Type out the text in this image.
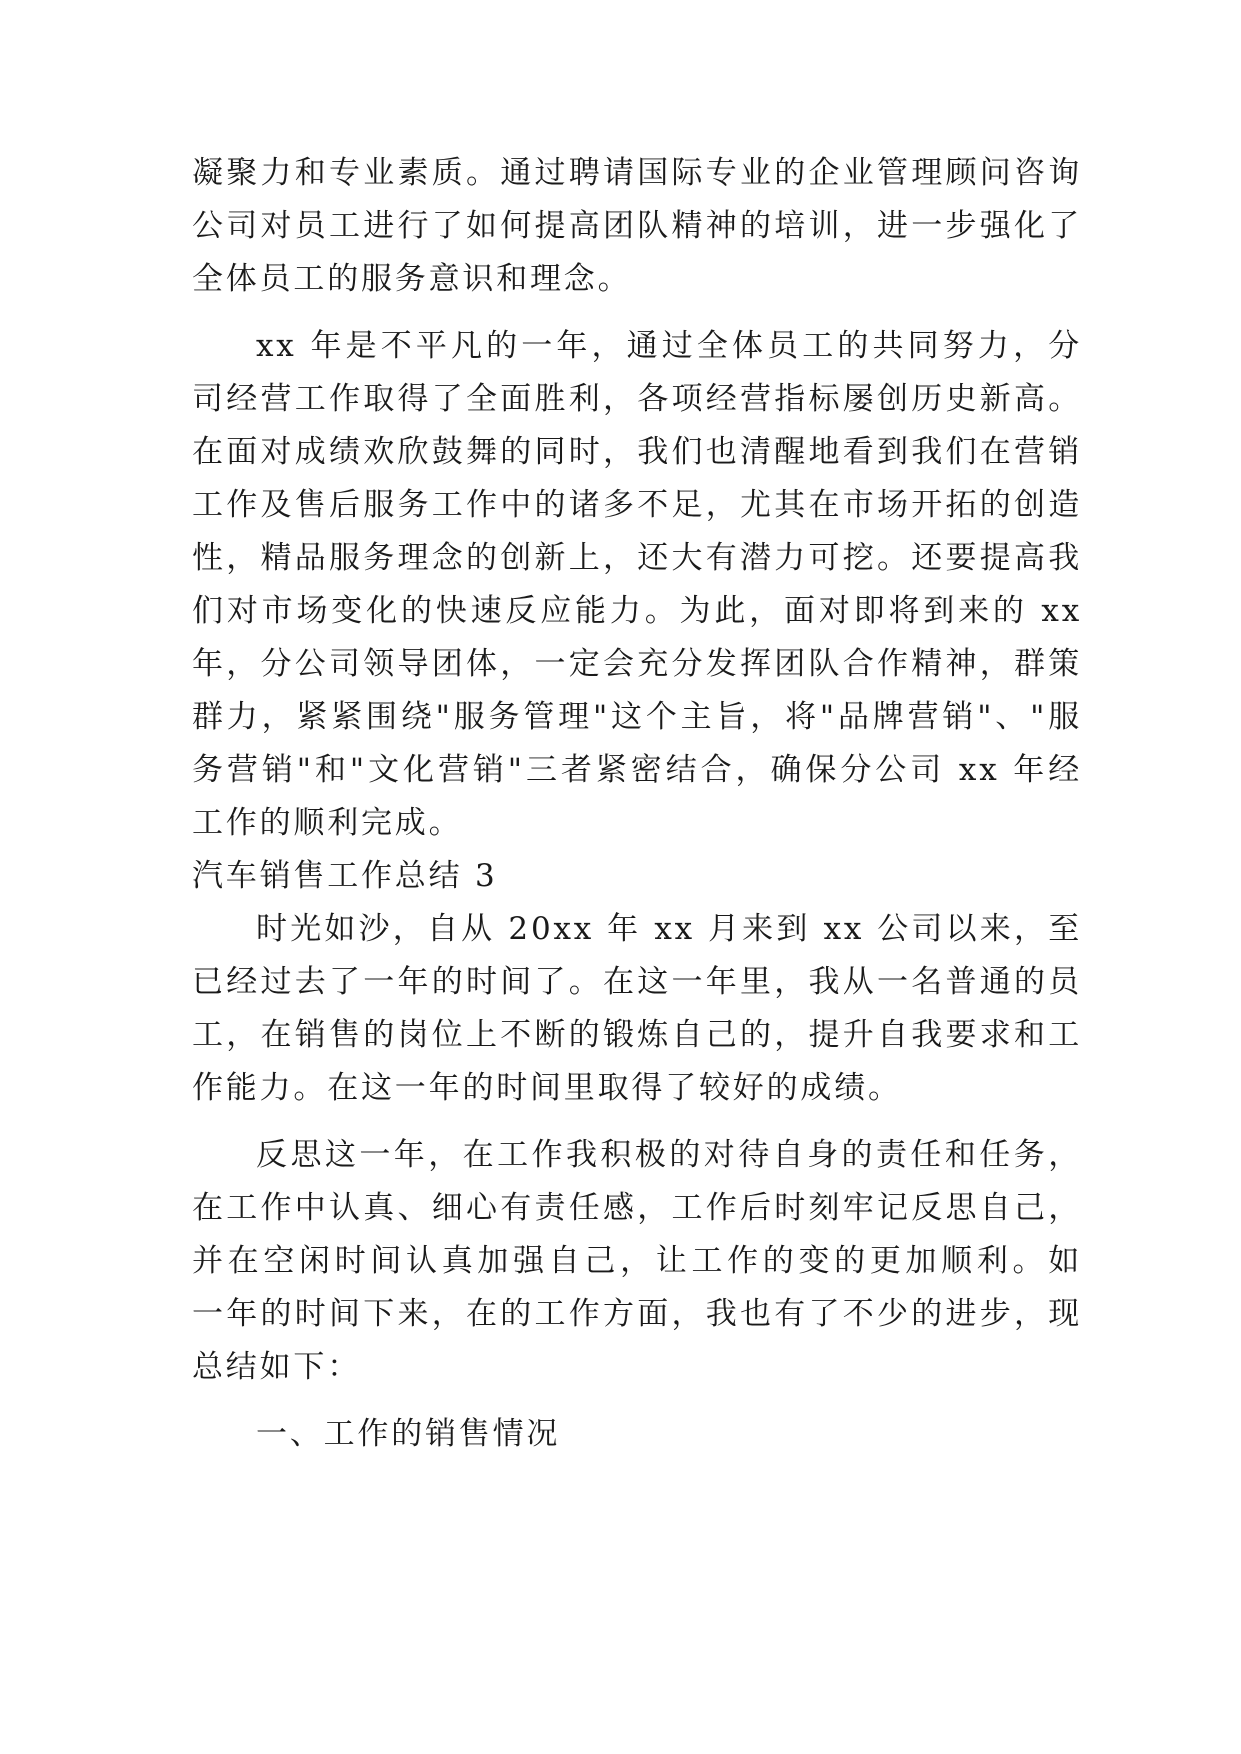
凝聚力和专业素质。通过聘请国际专业的企业管理顾问咨询
公司对员工进行了如何提高团队精神的培训，进一步强化了
全体员工的服务意识和理念。
xx 年是不平凡的一年，通过全体员工的共同努力，分
司经营工作取得了全面胜利，各项经营指标屡创历史新高。
在面对成绩欢欣鼓舞的同时，我们也清醒地看到我们在营销
工作及售后服务工作中的诸多不足，尤其在市场开拓的创造
性，精品服务理念的创新上，还大有潜力可挖。还要提高我
们对市场变化的快速反应能力。为此，面对即将到来的 xx
年，分公司领导团体，一定会充分发挥团队合作精神，群策
群力，紧紧围绕"服务管理"这个主旨，将"品牌营销"、"服
务营销"和"文化营销"三者紧密结合，确保分公司 xx 年经
工作的顺利完成。
汽车销售工作总结 3
时光如沙，自从 20xx 年 xx 月来到 xx 公司以来，至
已经过去了一年的时间了。在这一年里，我从一名普通的员
工，在销售的岗位上不断的锻炼自己的，提升自我要求和工
作能力。在这一年的时间里取得了较好的成绩。
反思这一年，在工作我积极的对待自身的责任和任务，
在工作中认真、细心有责任感，工作后时刻牢记反思自己，
并在空闲时间认真加强自己，让工作的变的更加顺利。如
一年的时间下来，在的工作方面，我也有了不少的进步，现
总结如下：
一、工作的销售情况
